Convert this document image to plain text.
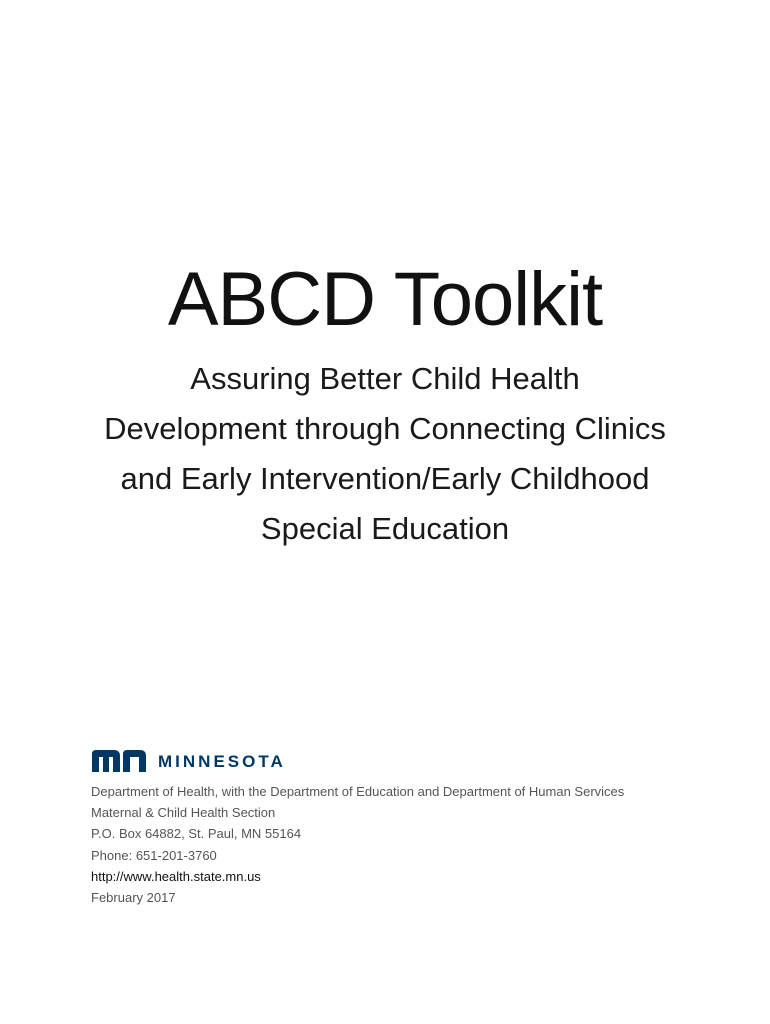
ABCD Toolkit
Assuring Better Child Health
Development through Connecting Clinics
and Early Intervention/Early Childhood
Special Education
MINNESOTA
Department of Health, with the Department of Education and Department of Human Services
Maternal & Child Health Section
P.O. Box 64882, St. Paul, MN 55164
Phone: 651-201-3760
http://www.health.state.mn.us
February 2017
